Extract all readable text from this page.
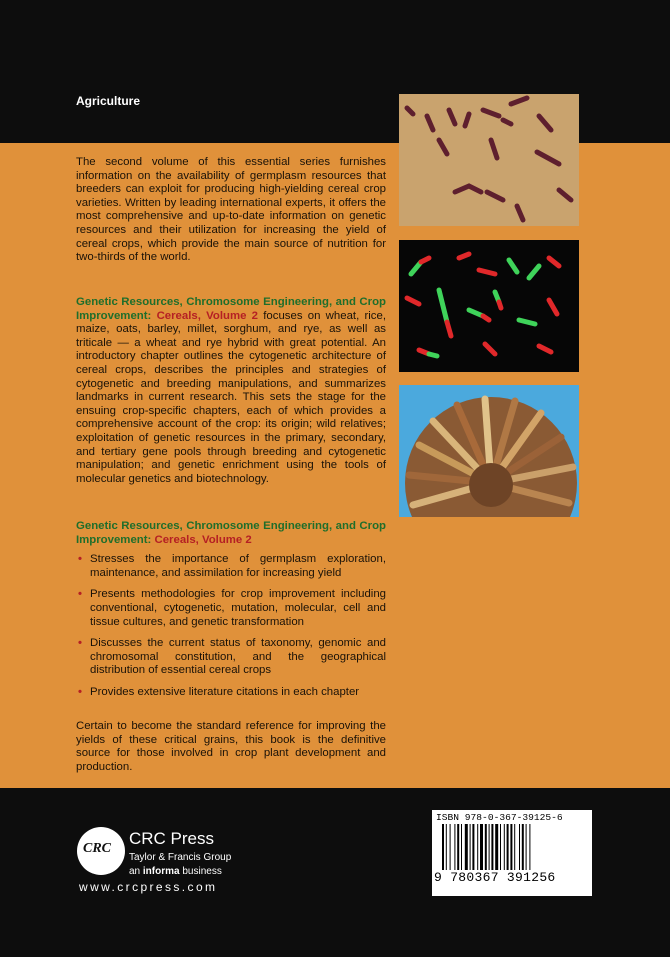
Agriculture
The second volume of this essential series furnishes information on the availability of germplasm resources that breeders can exploit for producing high-yielding cereal crop varieties. Written by leading international experts, it offers the most comprehensive and up-to-date information on genetic resources and their utilization for increasing the yield of cereal crops, which provide the main source of nutrition for two-thirds of the world.
Genetic Resources, Chromosome Engineering, and Crop Improvement: Cereals, Volume 2 focuses on wheat, rice, maize, oats, barley, millet, sorghum, and rye, as well as triticale — a wheat and rye hybrid with great potential. An introductory chapter outlines the cytogenetic architecture of cereal crops, describes the principles and strategies of cytogenetic and breeding manipulations, and summarizes landmarks in current research. This sets the stage for the ensuing crop-specific chapters, each of which provides a comprehensive account of the crop: its origin; wild relatives; exploitation of genetic resources in the primary, secondary, and tertiary gene pools through breeding and cytogenetic manipulation; and genetic enrichment using the tools of molecular genetics and biotechnology.
Genetic Resources, Chromosome Engineering, and Crop Improvement: Cereals, Volume 2
• Stresses the importance of germplasm exploration, maintenance, and assimilation for increasing yield
• Presents methodologies for crop improvement including conventional, cytogenetic, mutation, molecular, cell and tissue cultures, and genetic transformation
• Discusses the current status of taxonomy, genomic and chromosomal constitution, and the geographical distribution of essential cereal crops
• Provides extensive literature citations in each chapter
Certain to become the standard reference for improving the yields of these critical grains, this book is the definitive source for those involved in crop plant development and production.
CRC
CRC Press
Taylor & Francis Group
an informa business
www.crcpress.com
ISBN 978-0-367-39125-6
9 780367 391256
